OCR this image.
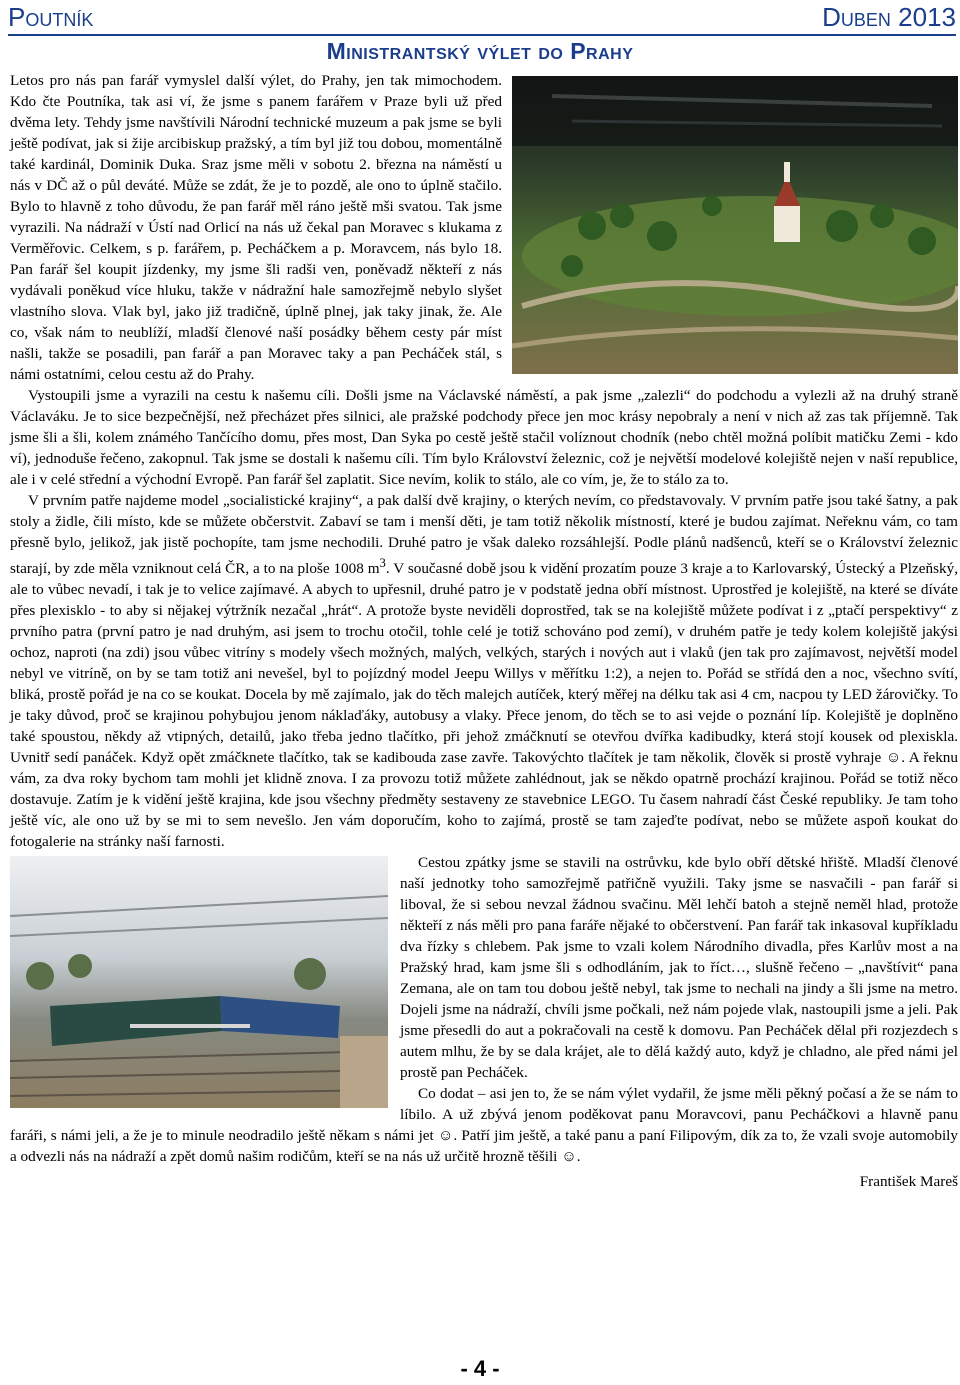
Poutník	Duben 2013
Ministrantský výlet do Prahy

Letos pro nás pan farář vymyslel další výlet, do Prahy, jen tak mimochodem. Kdo čte Poutníka, tak asi ví, že jsme s panem farářem v Praze byli už před dvěma lety. Tehdy jsme navštívili Národní technické muzeum a pak jsme se byli ještě podívat, jak si žije arcibiskup pražský, a tím byl již tou dobou, momentálně také kardinál, Dominik Duka. Sraz jsme měli v sobotu 2. března na náměstí u nás v DČ až o půl deváté. Může se zdát, že je to pozdě, ale ono to úplně stačilo. Bylo to hlavně z toho důvodu, že pan farář měl ráno ještě mši svatou. Tak jsme vyrazili. Na nádraží v Ústí nad Orlicí na nás už čekal pan Moravec s klukama z Verměřovic. Celkem, s p. farářem, p. Pecháčkem a p. Moravcem, nás bylo 18. Pan farář šel koupit jízdenky, my jsme šli radši ven, poněvadž někteří z nás vydávali poněkud více hluku, takže v nádražní hale samozřejmě nebylo slyšet vlastního slova. Vlak byl, jako již tradičně, úplně plnej, jak taky jinak, že. Ale co, však nám to neublíží, mladší členové naší posádky během cesty pár míst našli, takže se posadili, pan farář a pan Moravec taky a pan Pecháček stál, s námi ostatními, celou cestu až do Prahy.

Vystoupili jsme a vyrazili na cestu k našemu cíli. Došli jsme na Václavské náměstí, a pak jsme „zalezli“ do podchodu a vylezli až na druhý straně Václaváku. Je to sice bezpečnější, než přecházet přes silnici, ale pražské podchody přece jen moc krásy nepobraly a není v nich až zas tak příjemně. Tak jsme šli a šli, kolem známého Tančícího domu, přes most, Dan Syka po cestě ještě stačil volíznout chodník (nebo chtěl možná políbit matičku Zemi - kdo ví), jednoduše řečeno, zakopnul. Tak jsme se dostali k našemu cíli. Tím bylo Království železnic, což je největší modelové kolejiště nejen v naší republice, ale i v celé střední a východní Evropě. Pan farář šel zaplatit. Sice nevím, kolik to stálo, ale co vím, je, že to stálo za to.

V prvním patře najdeme model „socialistické krajiny“, a pak další dvě krajiny, o kterých nevím, co představovaly. V prvním patře jsou také šatny, a pak stoly a židle, čili místo, kde se můžete občerstvit. Zabaví se tam i menší děti, je tam totiž několik místností, které je budou zajímat. Neřeknu vám, co tam přesně bylo, jelikož, jak jistě pochopíte, tam jsme nechodili. Druhé patro je však daleko rozsáhlejší. Podle plánů nadšenců, kteří se o Království železnic starají, by zde měla vzniknout celá ČR, a to na ploše 1008 $m^3$. V současné době jsou k vidění prozatím pouze 3 kraje a to Karlovarský, Ústecký a Plzeňský, ale to vůbec nevadí, i tak je to velice zajímavé. A abych to upřesnil, druhé patro je v podstatě jedna obří místnost. Uprostřed je kolejiště, na které se díváte přes plexisklo - to aby si nějakej výtržník nezačal „hrát“. A protože byste neviděli doprostřed, tak se na kolejiště můžete podívat i z „ptačí perspektivy“ z prvního patra (první patro je nad druhým, asi jsem to trochu otočil, tohle celé je totiž schováno pod zemí), v druhém patře je tedy kolem kolejiště jakýsi ochoz, naproti (na zdi) jsou vůbec vitríny s modely všech možných, malých, velkých, starých i nových aut i vlaků (jen tak pro zajímavost, největší model nebyl ve vitríně, on by se tam totiž ani nevešel, byl to pojízdný model Jeepu Willys v měřítku 1:2), a nejen to. Pořád se střídá den a noc, všechno svítí, bliká, prostě pořád je na co se koukat. Docela by mě zajímalo, jak do těch malejch autíček, který měřej na délku tak asi 4 cm, nacpou ty LED žárovičky. To je taky důvod, proč se krajinou pohybujou jenom náklaďáky, autobusy a vlaky. Přece jenom, do těch se to asi vejde o poznání líp. Kolejiště je doplněno také spoustou, někdy až vtipných, detailů, jako třeba jedno tlačítko, při jehož zmáčknutí se otevřou dvířka kadibudky, která stojí kousek od plexiskla. Uvnitř sedí panáček. Když opět zmáčknete tlačítko, tak se kadibouda zase zavře. Takovýchto tlačítek je tam několik, člověk si prostě vyhraje ☺. A řeknu vám, za dva roky bychom tam mohli jet klidně znova. I za provozu totiž můžete zahlédnout, jak se někdo opatrně prochází krajinou. Pořád se totiž něco dostavuje. Zatím je k vidění ještě krajina, kde jsou všechny předměty sestaveny ze stavebnice LEGO. Tu časem nahradí část České republiky. Je tam toho ještě víc, ale ono už by se mi to sem nevešlo. Jen vám doporučím, koho to zajímá, prostě se tam zajeďte podívat, nebo se můžete aspoň koukat do fotogalerie na stránky naší farnosti.

Cestou zpátky jsme se stavili na ostrůvku, kde bylo obří dětské hřiště. Mladší členové naší jednotky toho samozřejmě patřičně využili. Taky jsme se nasvačili - pan farář si liboval, že si sebou nevzal žádnou svačinu. Měl lehčí batoh a stejně neměl hlad, protože někteří z nás měli pro pana faráře nějaké to občerstvení. Pan farář tak inkasoval kupříkladu dva řízky s chlebem. Pak jsme to vzali kolem Národního divadla, přes Karlův most a na Pražský hrad, kam jsme šli s odhodláním, jak to říct…, slušně řečeno – „navštívit“ pana Zemana, ale on tam tou dobou ještě nebyl, tak jsme to nechali na jindy a šli jsme na metro. Dojeli jsme na nádraží, chvíli jsme počkali, než nám pojede vlak, nastoupili jsme a jeli. Pak jsme přesedli do aut a pokračovali na cestě k domovu. Pan Pecháček dělal při rozjezdech s autem mlhu, že by se dala krájet, ale to dělá každý auto, když je chladno, ale před námi jel prostě pan Pecháček.

Co dodat – asi jen to, že se nám výlet vydařil, že jsme měli pěkný počasí a že se nám to líbilo. A už zbývá jenom poděkovat panu Moravcovi, panu Pecháčkovi a hlavně panu faráři, s námi jeli, a že je to minule neodradilo ještě někam s námi jet ☺. Patří jim ještě, a také panu a paní Filipovým, dík za to, že vzali svoje automobily a odvezli nás na nádraží a zpět domů našim rodičům, kteří se na nás už určitě hrozně těšili ☺.

František Mareš
- 4 -
